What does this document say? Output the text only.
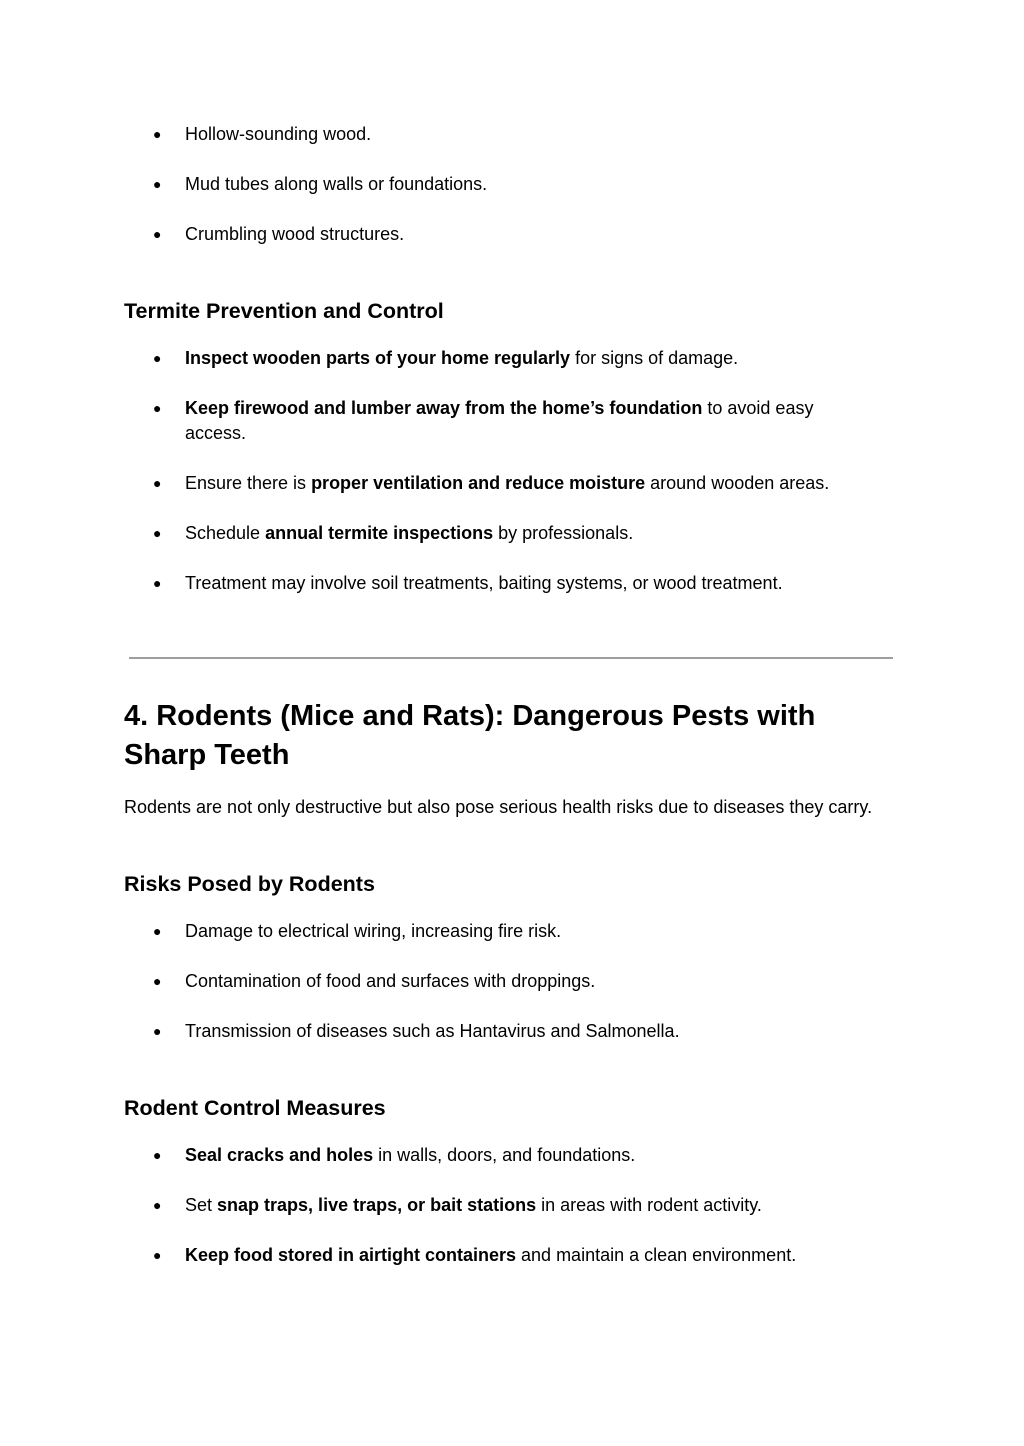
● Hollow-sounding wood.
● Mud tubes along walls or foundations.
● Crumbling wood structures.
Termite Prevention and Control
● Inspect wooden parts of your home regularly for signs of damage.
● Keep firewood and lumber away from the home’s foundation to avoid easy access.
● Ensure there is proper ventilation and reduce moisture around wooden areas.
● Schedule annual termite inspections by professionals.
● Treatment may involve soil treatments, baiting systems, or wood treatment.
4. Rodents (Mice and Rats): Dangerous Pests with Sharp Teeth

Rodents are not only destructive but also pose serious health risks due to diseases they carry.

Risks Posed by Rodents
● Damage to electrical wiring, increasing fire risk.
● Contamination of food and surfaces with droppings.
● Transmission of diseases such as Hantavirus and Salmonella.
Rodent Control Measures
● Seal cracks and holes in walls, doors, and foundations.
● Set snap traps, live traps, or bait stations in areas with rodent activity.
● Keep food stored in airtight containers and maintain a clean environment.
